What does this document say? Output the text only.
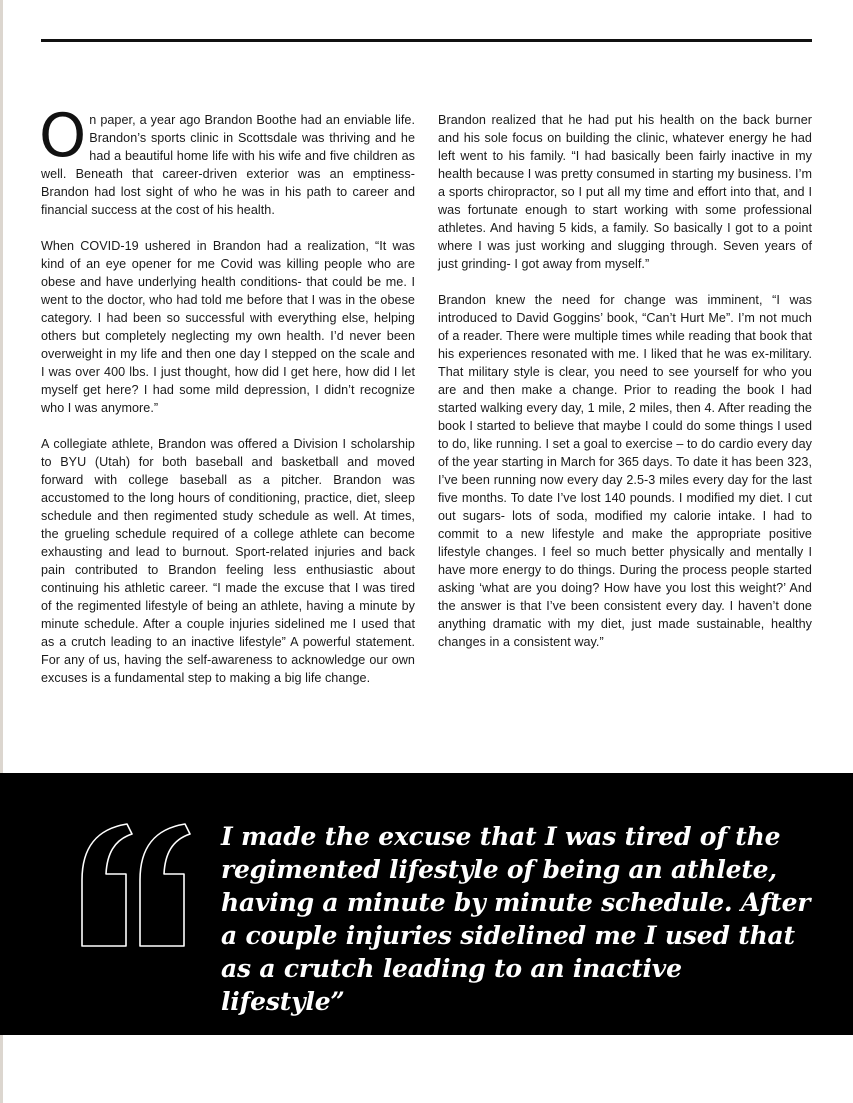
On paper, a year ago Brandon Boothe had an enviable life. Brandon’s sports clinic in Scottsdale was thriving and he had a beautiful home life with his wife and five children as well. Beneath that career-driven exterior was an emptiness- Brandon had lost sight of who he was in his path to career and financial success at the cost of his health.

When COVID-19 ushered in Brandon had a realization, “It was kind of an eye opener for me Covid was killing people who are obese and have underlying health conditions- that could be me. I went to the doctor, who had told me before that I was in the obese category. I had been so successful with everything else, helping others but completely neglecting my own health. I’d never been overweight in my life and then one day I stepped on the scale and I was over 400 lbs. I just thought, how did I get here, how did I let myself get here? I had some mild depression, I didn’t recognize who I was anymore.”

A collegiate athlete, Brandon was offered a Division I scholarship to BYU (Utah) for both baseball and basketball and moved forward with college baseball as a pitcher. Brandon was accustomed to the long hours of conditioning, practice, diet, sleep schedule and then regimented study schedule as well. At times, the grueling schedule required of a college athlete can become exhausting and lead to burnout. Sport-related injuries and back pain contributed to Brandon feeling less enthusiastic about continuing his athletic career. “I made the excuse that I was tired of the regimented lifestyle of being an athlete, having a minute by minute schedule. After a couple injuries sidelined me I used that as a crutch leading to an inactive lifestyle” A powerful statement. For any of us, having the self-awareness to acknowledge our own excuses is a fundamental step to making a big life change.

Brandon realized that he had put his health on the back burner and his sole focus on building the clinic, whatever energy he had left went to his family. “I had basically been fairly inactive in my health because I was pretty consumed in starting my business. I’m a sports chiropractor, so I put all my time and effort into that, and I was fortunate enough to start working with some professional athletes. And having 5 kids, a family. So basically I got to a point where I was just working and slugging through. Seven years of just grinding- I got away from myself.”

Brandon knew the need for change was imminent, “I was introduced to David Goggins’ book, “Can’t Hurt Me”. I’m not much of a reader. There were multiple times while reading that book that his experiences resonated with me. I liked that he was ex-military. That military style is clear, you need to see yourself for who you are and then make a change. Prior to reading the book I had started walking every day, 1 mile, 2 miles, then 4. After reading the book I started to believe that maybe I could do some things I used to do, like running. I set a goal to exercise – to do cardio every day of the year starting in March for 365 days. To date it has been 323, I’ve been running now every day 2.5-3 miles every day for the last five months. To date I’ve lost 140 pounds. I modified my diet. I cut out sugars- lots of soda, modified my calorie intake. I had to commit to a new lifestyle and make the appropriate positive lifestyle changes. I feel so much better physically and mentally I have more energy to do things. During the process people started asking ‘what are you doing? How have you lost this weight?’ And the answer is that I’ve been consistent every day. I haven’t done anything dramatic with my diet, just made sustainable, healthy changes in a consistent way.”

I made the excuse that I was tired of the regimented lifestyle of being an athlete, having a minute by minute schedule. After a couple injuries sidelined me I used that as a crutch leading to an inactive lifestyle”
